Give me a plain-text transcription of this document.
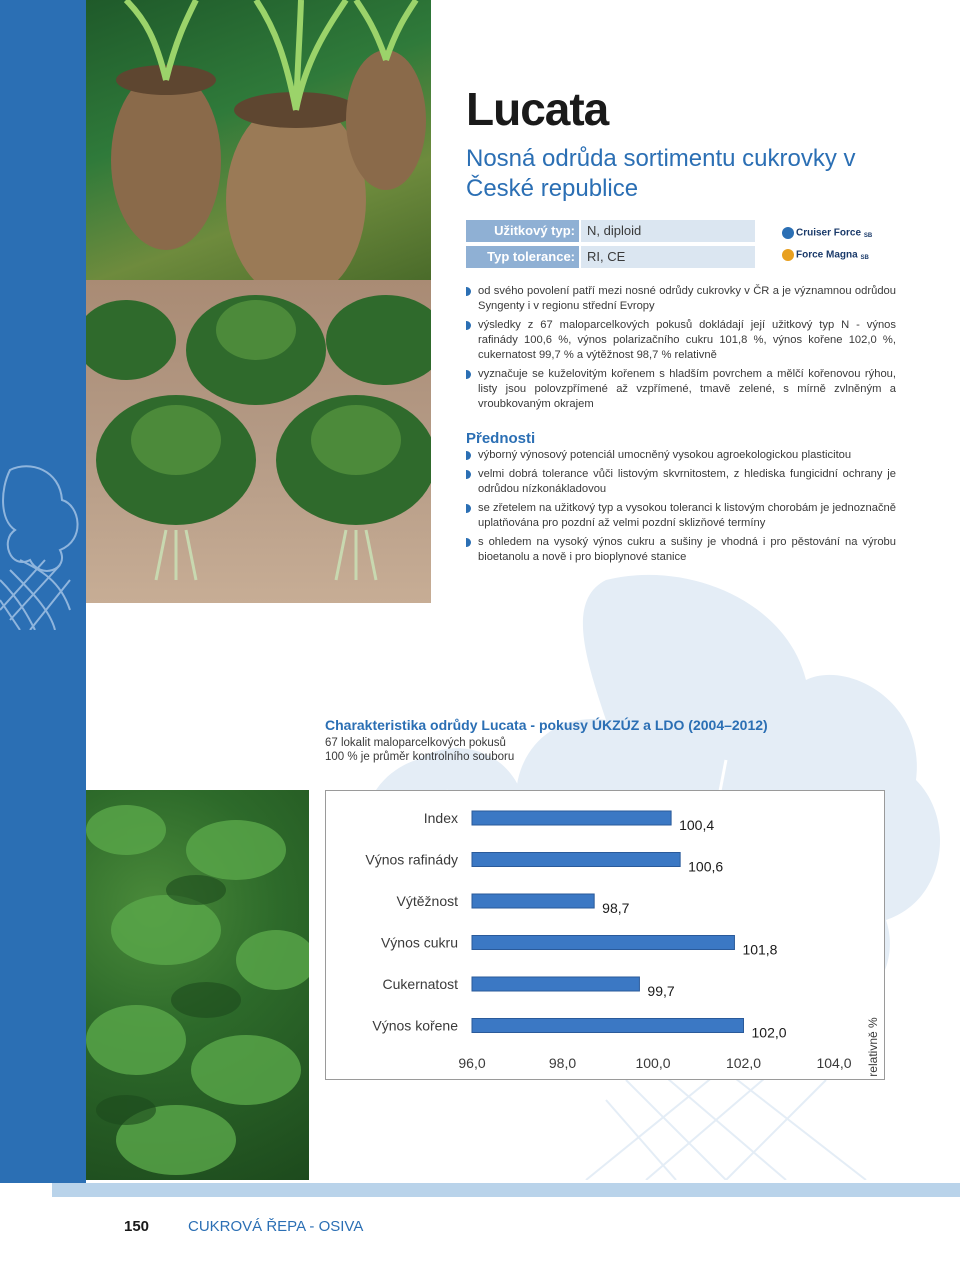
Lucata
Nosná odrůda sortimentu cukrovky v České republice
Užitkový typ: N, diploid
Typ tolerance: RI, CE
Cruiser Force SB
Force Magna SB
od svého povolení patří mezi nosné odrůdy cukrovky v ČR a je významnou odrůdou Syngenty i v regionu střední Evropy
výsledky z 67 maloparcelkových pokusů dokládají její užitkový typ N - výnos rafinády 100,6 %, výnos polarizačního cukru 101,8 %, výnos kořene 102,0 %, cukernatost 99,7 % a výtěžnost 98,7 % relativně
vyznačuje se kuželovitým kořenem s hladším povrchem a mělčí kořenovou rýhou, listy jsou polovzpřímené až vzpřímené, tmavě zelené, s mírně zvlněným a vroubkovaným okrajem
Přednosti
výborný výnosový potenciál umocněný vysokou agroekologickou plasticitou
velmi dobrá tolerance vůči listovým skvrnitostem, z hlediska fungicidní ochrany je odrůdou nízkonákladovou
se zřetelem na užitkový typ a vysokou toleranci k listovým chorobám je jednoznačně uplatňována pro pozdní až velmi pozdní sklizňové termíny
s ohledem na vysoký výnos cukru a sušiny je vhodná i pro pěstování na výrobu bioetanolu a nově i pro bioplynové stanice
Charakteristika odrůdy Lucata - pokusy ÚKZÚZ a LDO (2004–2012)
67 lokalit maloparcelkových pokusů
100 % je průměr kontrolního souboru
Index	100,4
Výnos rafinády	100,6
Výtěžnost	98,7
Výnos cukru	101,8
Cukernatost	99,7
Výnos kořene	102,0
96,0	98,0	100,0	102,0	104,0 relativně %
150	CUKROVÁ ŘEPA - OSIVA
